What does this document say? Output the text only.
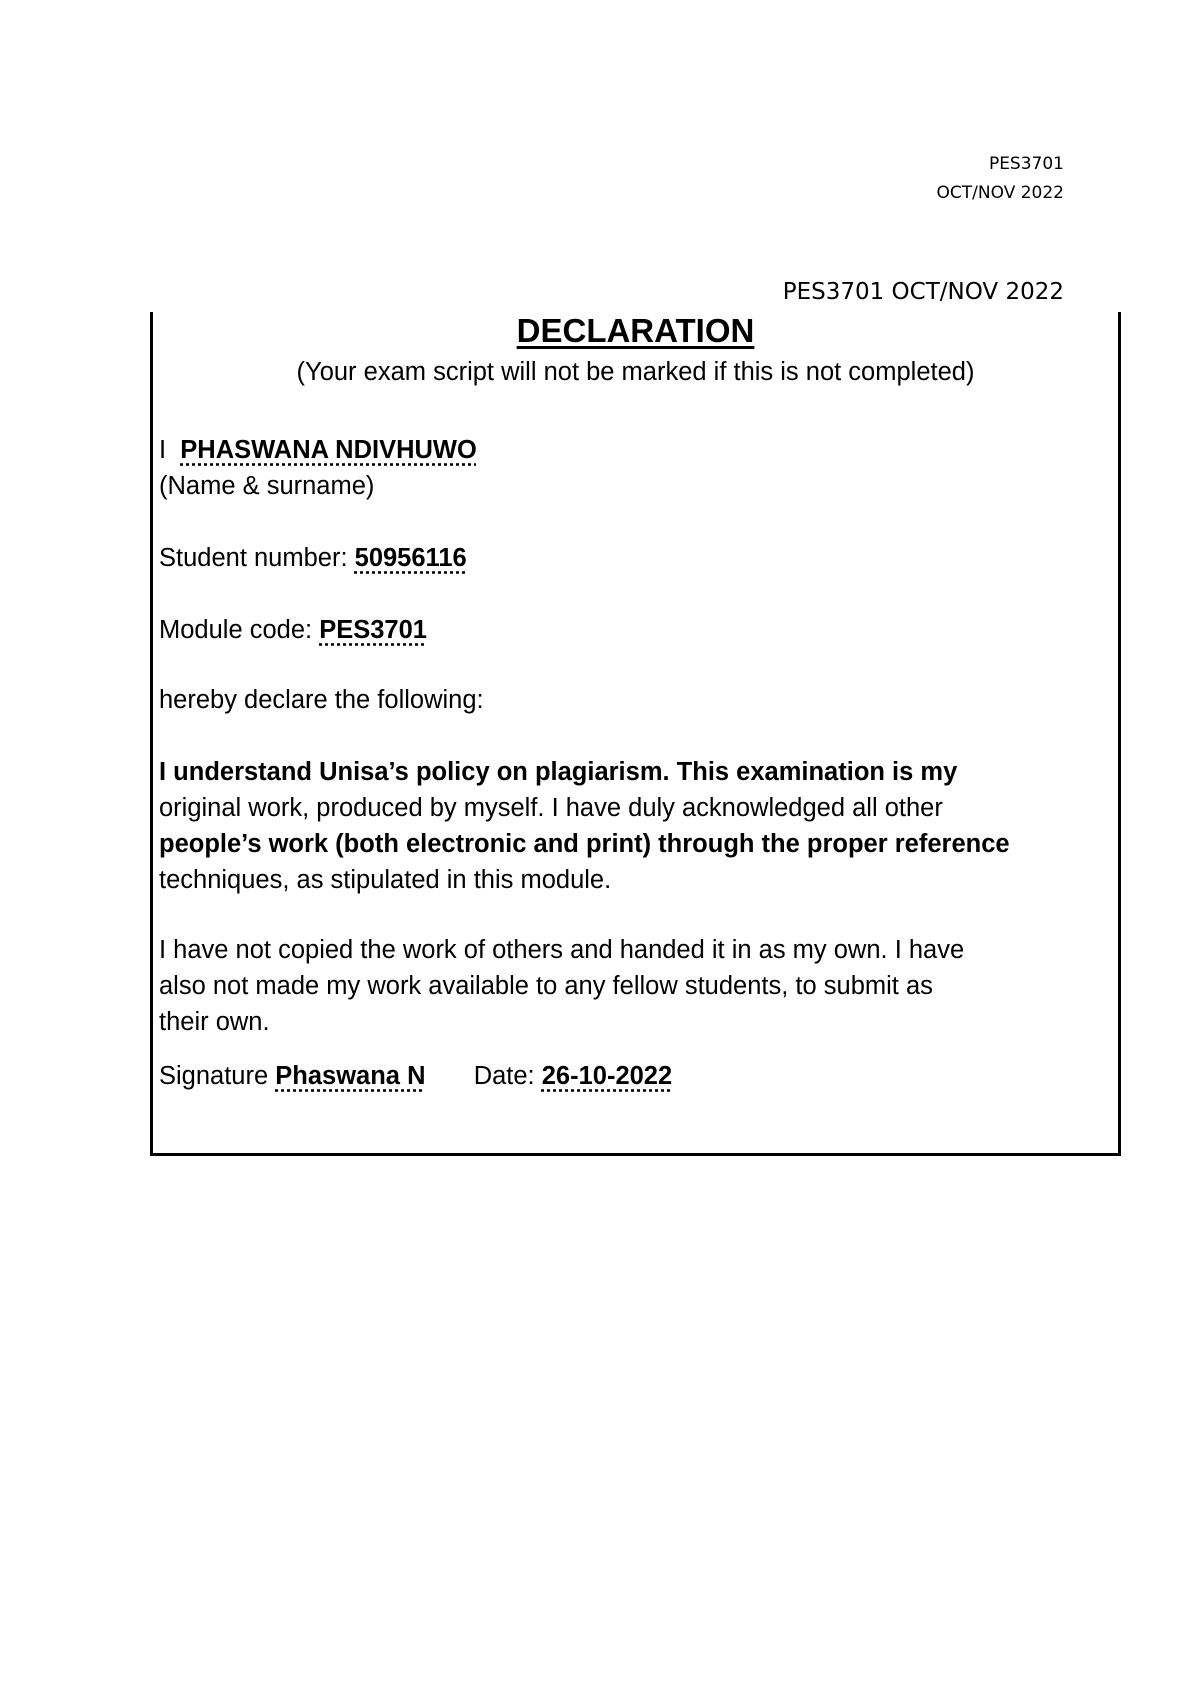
PES3701
OCT/NOV 2022
PES3701 OCT/NOV 2022
DECLARATION
(Your exam script will not be marked if this is not completed)
I PHASWANA NDIVHUWO
(Name & surname)
Student number: 50956116
Module code: PES3701
hereby declare the following:
I understand Unisa’s policy on plagiarism. This examination is my
original work, produced by myself. I have duly acknowledged all other
people’s work (both electronic and print) through the proper reference
techniques, as stipulated in this module.
I have not copied the work of others and handed it in as my own. I have
also not made my work available to any fellow students, to submit as
their own.
Signature Phaswana N Date: 26-10-2022
